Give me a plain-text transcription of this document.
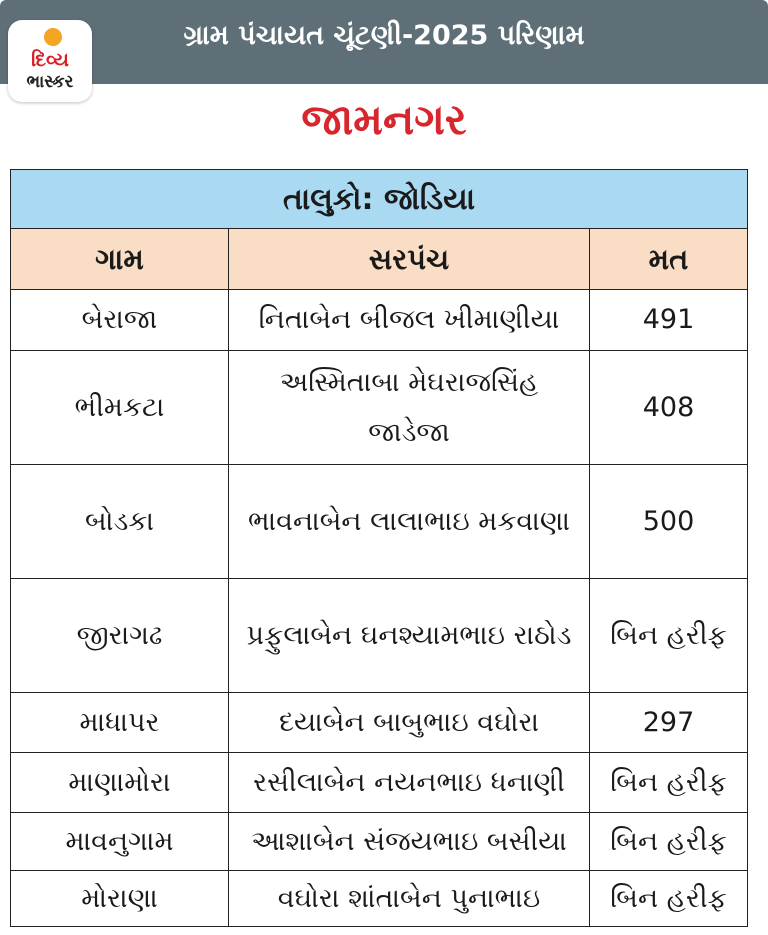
ગ્રામ પંચાયત ચૂંટણી-2025 પરિણામ
દિવ્ય
ભાસ્કર
જામનગર
તાલુકો: જોડિયા		
ગામ	સરપંચ	મત
બેરાજા	નિતાબેન બીજલ ખીમાણીયા	491
ભીમકટા	અસ્મિતાબા મેઘરાજસિંહ જાડેજા	408
બોડકા	ભાવનાબેન લાલાભાઇ મકવાણા	500
જીરાગઢ	પ્રફુલાબેન ઘનશ્યામભાઇ રાઠોડ	બિન હરીફ
માધાપર	દયાબેન બાબુભાઇ વઘોરા	297
માણામોરા	રસીલાબેન નયનભાઇ ધનાણી	બિન હરીફ
માવનુગામ	આશાબેન સંજયભાઇ બસીયા	બિન હરીફ
મોરાણા	વઘોરા શાંતાબેન પુનાભાઇ	બિન હરીફ
